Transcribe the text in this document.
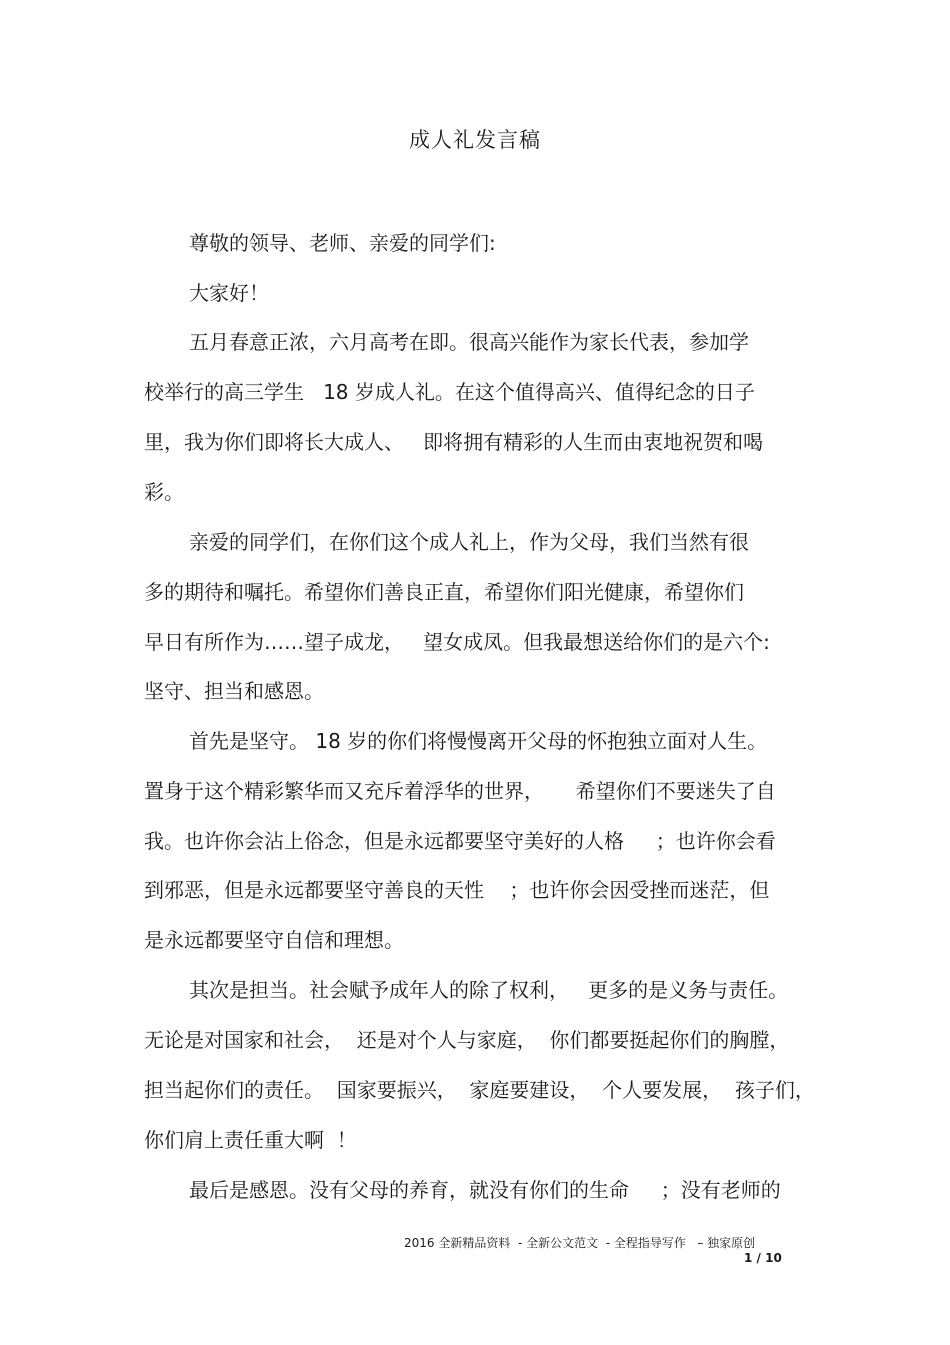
成人礼发言稿
尊敬的领导、老师、亲爱的同学们:
大家好！
五月春意正浓，六月高考在即。很高兴能作为家长代表，参加学
校举行的高三学生   18 岁成人礼。在这个值得高兴、值得纪念的日子
里，我为你们即将长大成人、   即将拥有精彩的人生而由衷地祝贺和喝
彩。
亲爱的同学们，在你们这个成人礼上，作为父母，我们当然有很
多的期待和嘱托。希望你们善良正直，希望你们阳光健康，希望你们
早日有所作为……望子成龙，   望女成凤。但我最想送给你们的是六个:
坚守、担当和感恩。
首先是坚守。 18 岁的你们将慢慢离开父母的怀抱独立面对人生。
置身于这个精彩繁华而又充斥着浮华的世界，     希望你们不要迷失了自
我。也许你会沾上俗念，但是永远都要坚守美好的人格     ；也许你会看
到邪恶，但是永远都要坚守善良的天性    ；也许你会因受挫而迷茫，但
是永远都要坚守自信和理想。
其次是担当。社会赋予成年人的除了权利，   更多的是义务与责任。
无论是对国家和社会，  还是对个人与家庭，  你们都要挺起你们的胸膛，
担当起你们的责任。  国家要振兴，  家庭要建设，  个人要发展，  孩子们，
你们肩上责任重大啊  ！
最后是感恩。没有父母的养育，就没有你们的生命     ；没有老师的
2016 全新精品资料  - 全新公文范文  - 全程指导写作   – 独家原创
1 / 10
